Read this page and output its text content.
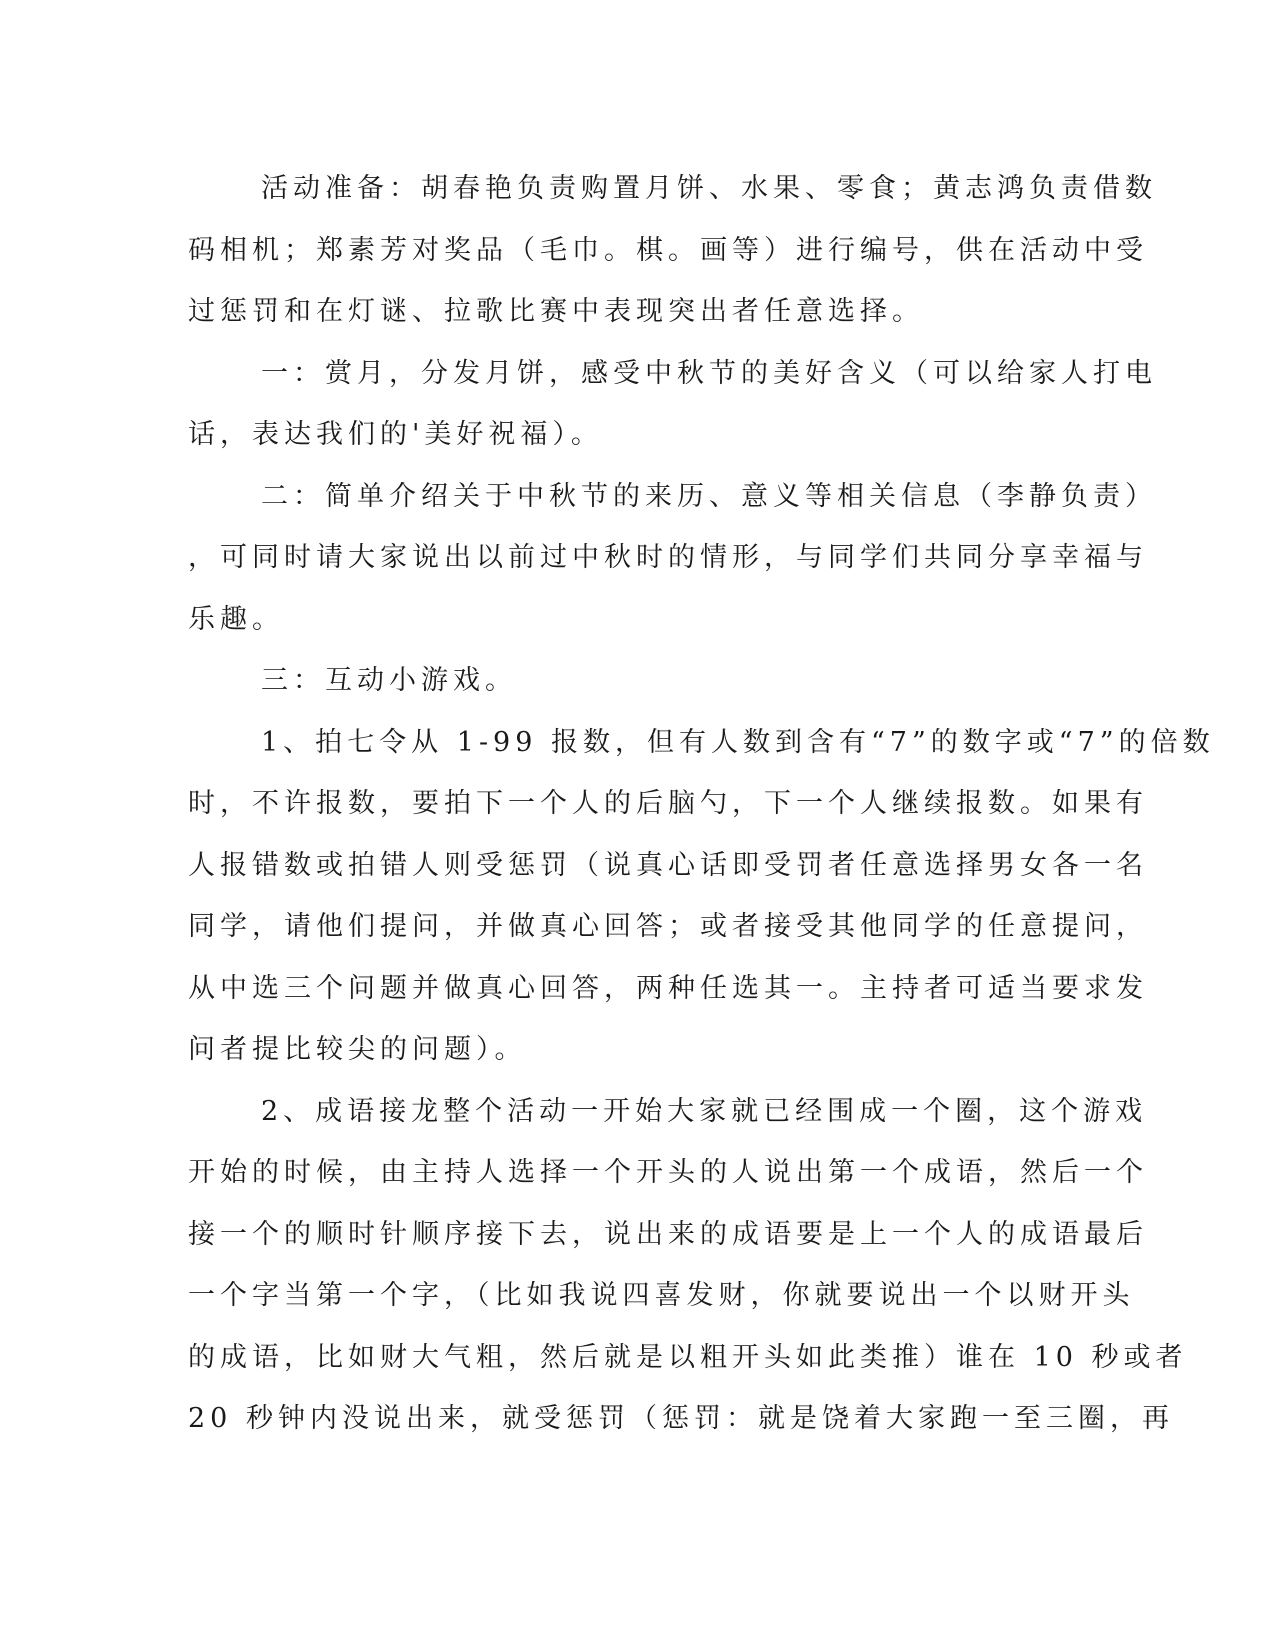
活动准备：胡春艳负责购置月饼、水果、零食；黄志鸿负责借数
码相机；郑素芳对奖品（毛巾。棋。画等）进行编号，供在活动中受
过惩罚和在灯谜、拉歌比赛中表现突出者任意选择。
一：赏月，分发月饼，感受中秋节的美好含义（可以给家人打电
话，表达我们的'美好祝福）。
二：简单介绍关于中秋节的来历、意义等相关信息（李静负责）
，可同时请大家说出以前过中秋时的情形，与同学们共同分享幸福与
乐趣。
三：互动小游戏。
1、拍七令从 1-99 报数，但有人数到含有“7”的数字或“7”的倍数
时，不许报数，要拍下一个人的后脑勺，下一个人继续报数。如果有
人报错数或拍错人则受惩罚（说真心话即受罚者任意选择男女各一名
同学，请他们提问，并做真心回答；或者接受其他同学的任意提问，
从中选三个问题并做真心回答，两种任选其一。主持者可适当要求发
问者提比较尖的问题）。
2、成语接龙整个活动一开始大家就已经围成一个圈，这个游戏
开始的时候，由主持人选择一个开头的人说出第一个成语，然后一个
接一个的顺时针顺序接下去，说出来的成语要是上一个人的成语最后
一个字当第一个字，（比如我说四喜发财，你就要说出一个以财开头
的成语，比如财大气粗，然后就是以粗开头如此类推）谁在 10 秒或者
20 秒钟内没说出来，就受惩罚（惩罚：就是饶着大家跑一至三圈，再
